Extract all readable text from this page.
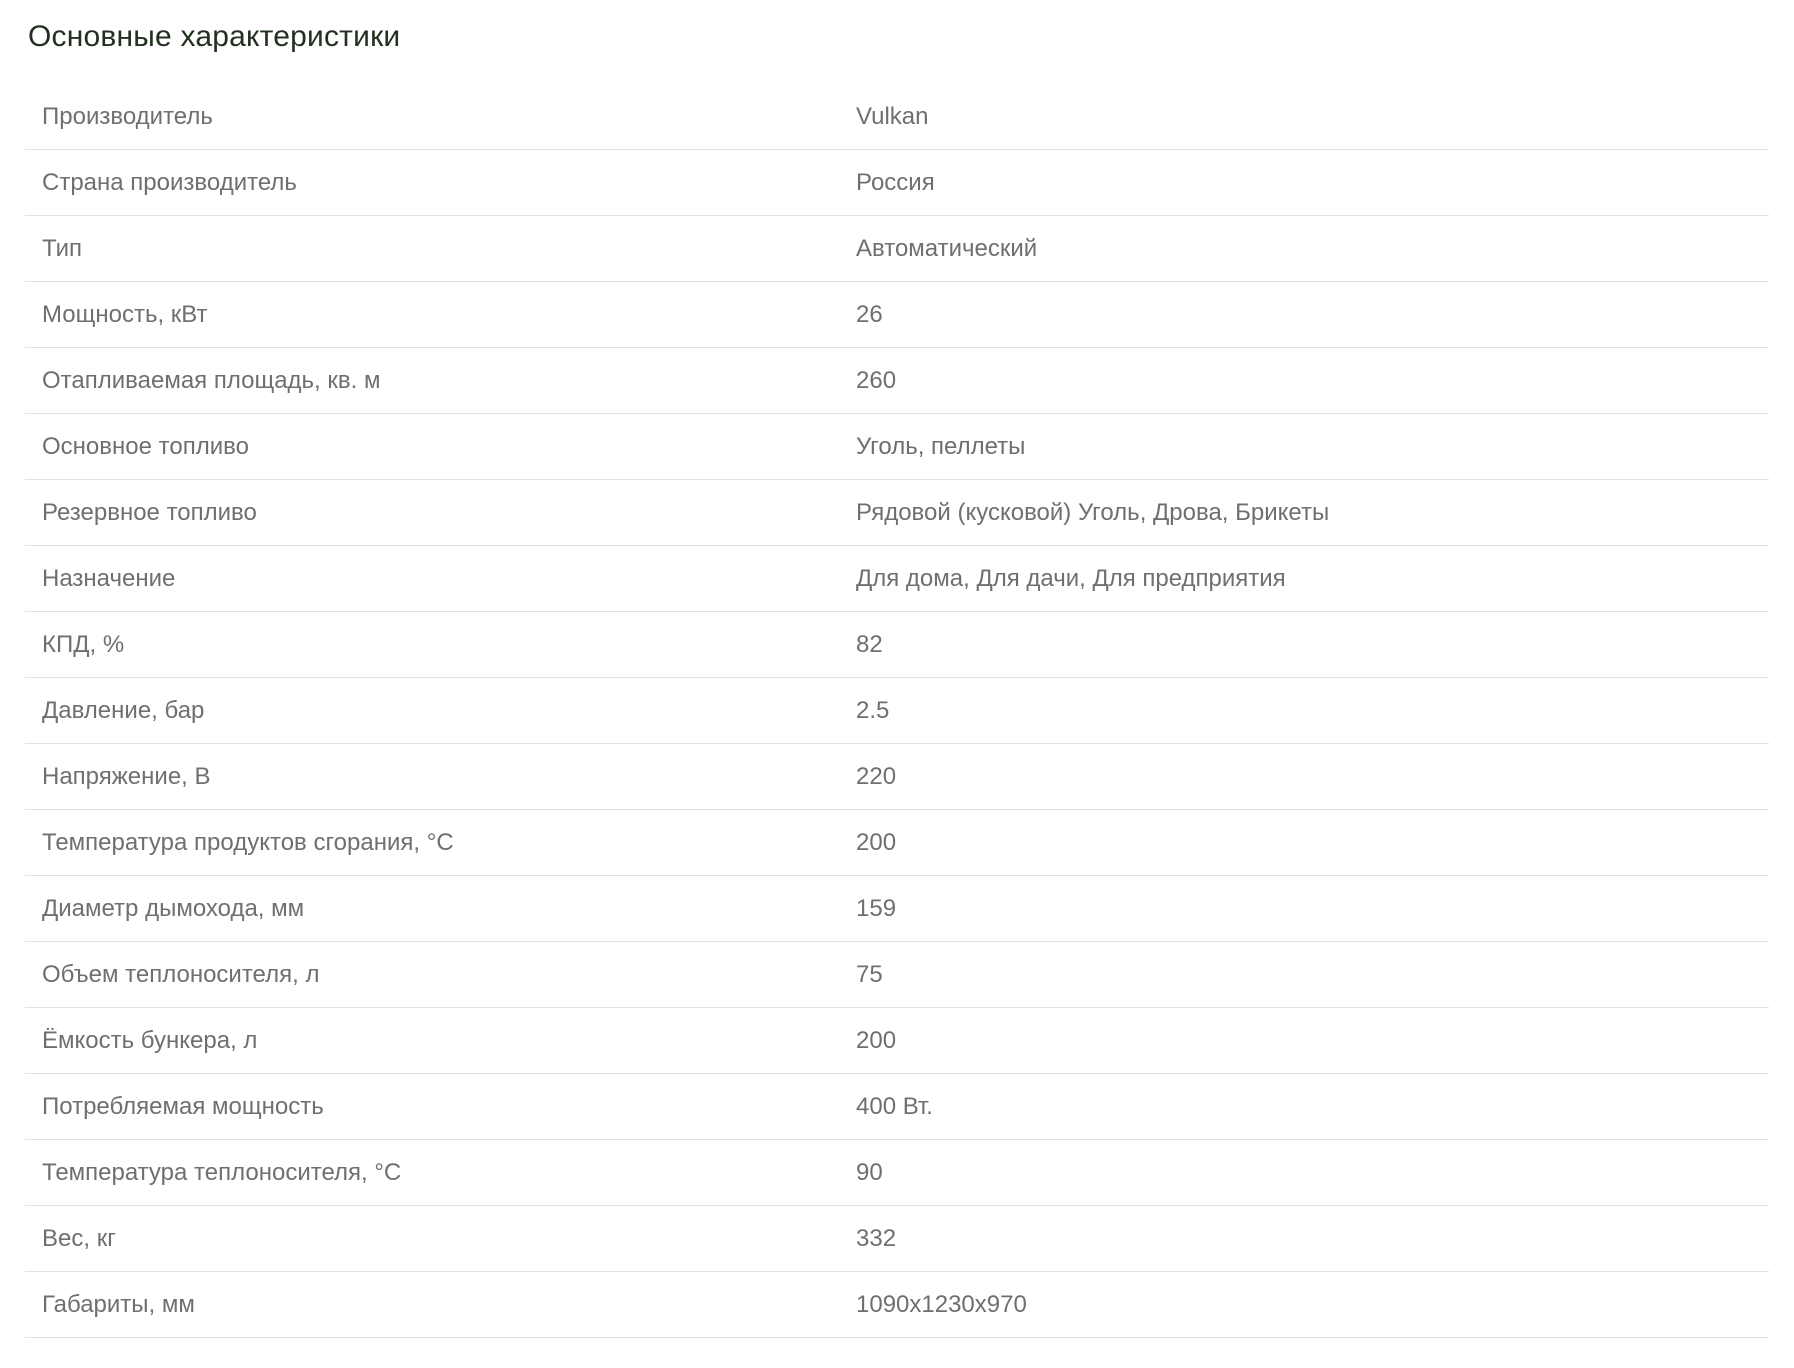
Основные характеристики
Производитель	Vulkan
Страна производитель	Россия
Тип	Автоматический
Мощность, кВт	26
Отапливаемая площадь, кв. м	260
Основное топливо	Уголь, пеллеты
Резервное топливо	Рядовой (кусковой) Уголь, Дрова, Брикеты
Назначение	Для дома, Для дачи, Для предприятия
КПД, %	82
Давление, бар	2.5
Напряжение, В	220
Температура продуктов сгорания, °С	200
Диаметр дымохода, мм	159
Объем теплоносителя, л	75
Ёмкость бункера, л	200
Потребляемая мощность	400 Вт.
Температура теплоносителя, °С	90
Вес, кг	332
Габариты, мм	1090х1230х970
